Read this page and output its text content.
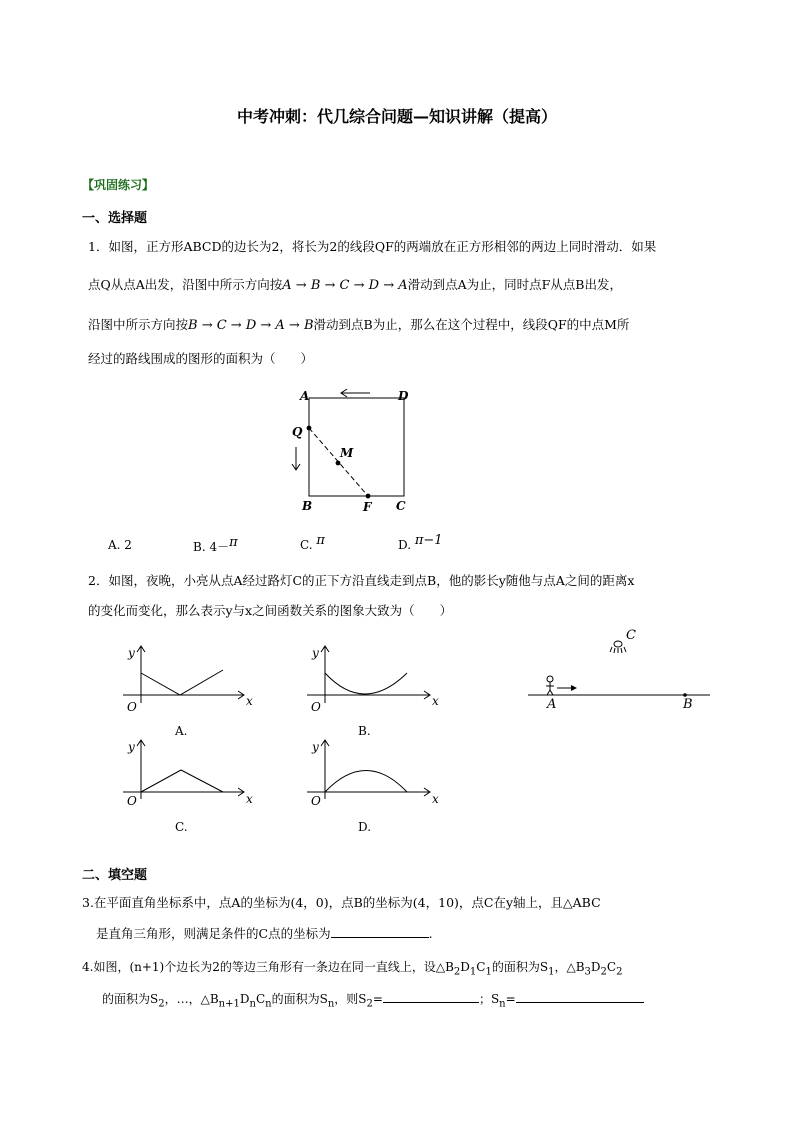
中考冲刺：代几综合问题—知识讲解（提高）
【巩固练习】
一、选择题
1．如图，正方形ABCD的边长为2，将长为2的线段QF的两端放在正方形相邻的两边上同时滑动．如果
点Q从点A出发，沿图中所示方向按A → B → C → D → A滑动到点A为止，同时点F从点B出发，
沿图中所示方向按B → C → D → A → B滑动到点B为止，那么在这个过程中，线段QF的中点M所
经过的路线围成的图形的面积为（　　）
A	D
Q
M
B	F C
A. 2	B. 4－π	C. π	D. π−1
2．如图，夜晚，小亮从点A经过路灯C的正下方沿直线走到点B，他的影长y随他与点A之间的距离x
的变化而变化，那么表示y与x之间函数关系的图象大致为（　　）
y
x
O
A.
y
x
O
B.
y
x
O
C.
y
x
O
D.
C
A	B
二、填空题
3.在平面直角坐标系中，点A的坐标为(4，0)，点B的坐标为(4，10)，点C在y轴上，且△ABC
是直角三角形，则满足条件的C点的坐标为	.
4.如图，(n+1)个边长为2的等边三角形有一条边在同一直线上，设$\triangle B_2D_1C_1$的面积为$S_1$，$\triangle B_3D_2C_2$
的面积为$S_2$，…，$\triangle B_{n+1}D_nC_n$的面积为$S_n$，则$S_2=$	；$S_n=$
